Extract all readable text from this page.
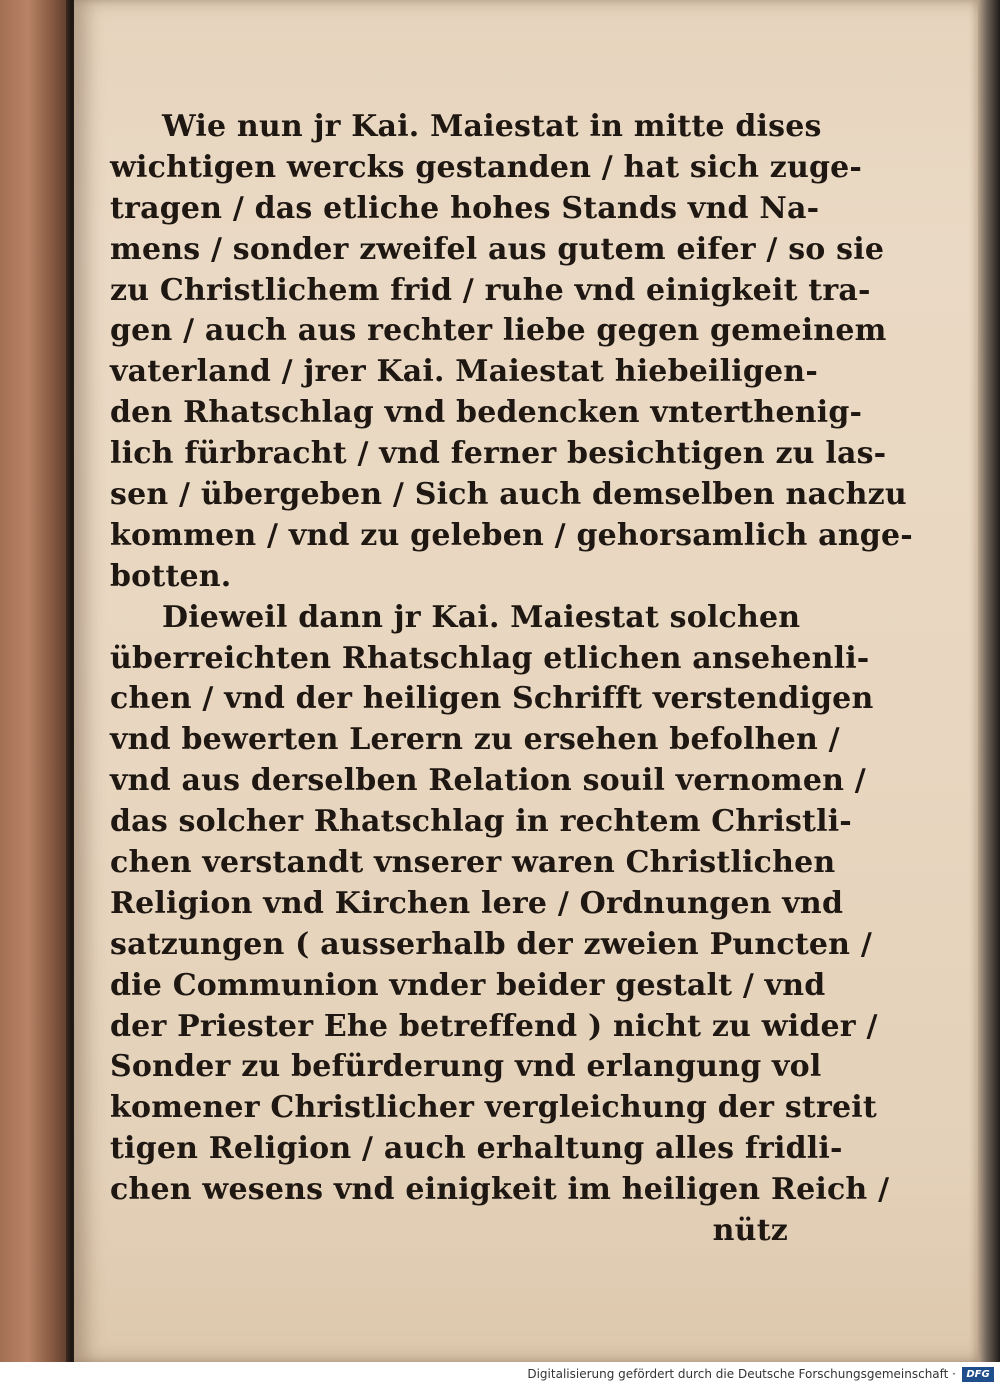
Wie nun jr Kai. Maiestat in mitte dises
wichtigen wercks gestanden / hat sich zuge-
tragen / das etliche hohes Stands vnd Na-
mens / sonder zweifel aus gutem eifer / so sie
zu Christlichem frid / ruhe vnd einigkeit tra-
gen / auch aus rechter liebe gegen gemeinem
vaterland / jrer Kai. Maiestat hiebeiligen-
den Rhatschlag vnd bedencken vnterthenig-
lich fürbracht / vnd ferner besichtigen zu las-
sen / übergeben / Sich auch demselben nachzu
kommen / vnd zu geleben / gehorsamlich ange-
botten.
Dieweil dann jr Kai. Maiestat solchen
überreichten Rhatschlag etlichen ansehenli-
chen / vnd der heiligen Schrifft verstendigen
vnd bewerten Lerern zu ersehen befolhen /
vnd aus derselben Relation souil vernomen /
das solcher Rhatschlag in rechtem Christli-
chen verstandt vnserer waren Christlichen
Religion vnd Kirchen lere / Ordnungen vnd
satzungen ( ausserhalb der zweien Puncten /
die Communion vnder beider gestalt / vnd
der Priester Ehe betreffend ) nicht zu wider /
Sonder zu befürderung vnd erlangung vol
komener Christlicher vergleichung der streit
tigen Religion / auch erhaltung alles fridli-
chen wesens vnd einigkeit im heiligen Reich /
nütz
Digitalisierung gefördert durch die Deutsche Forschungsgemeinschaft ·	DFG
